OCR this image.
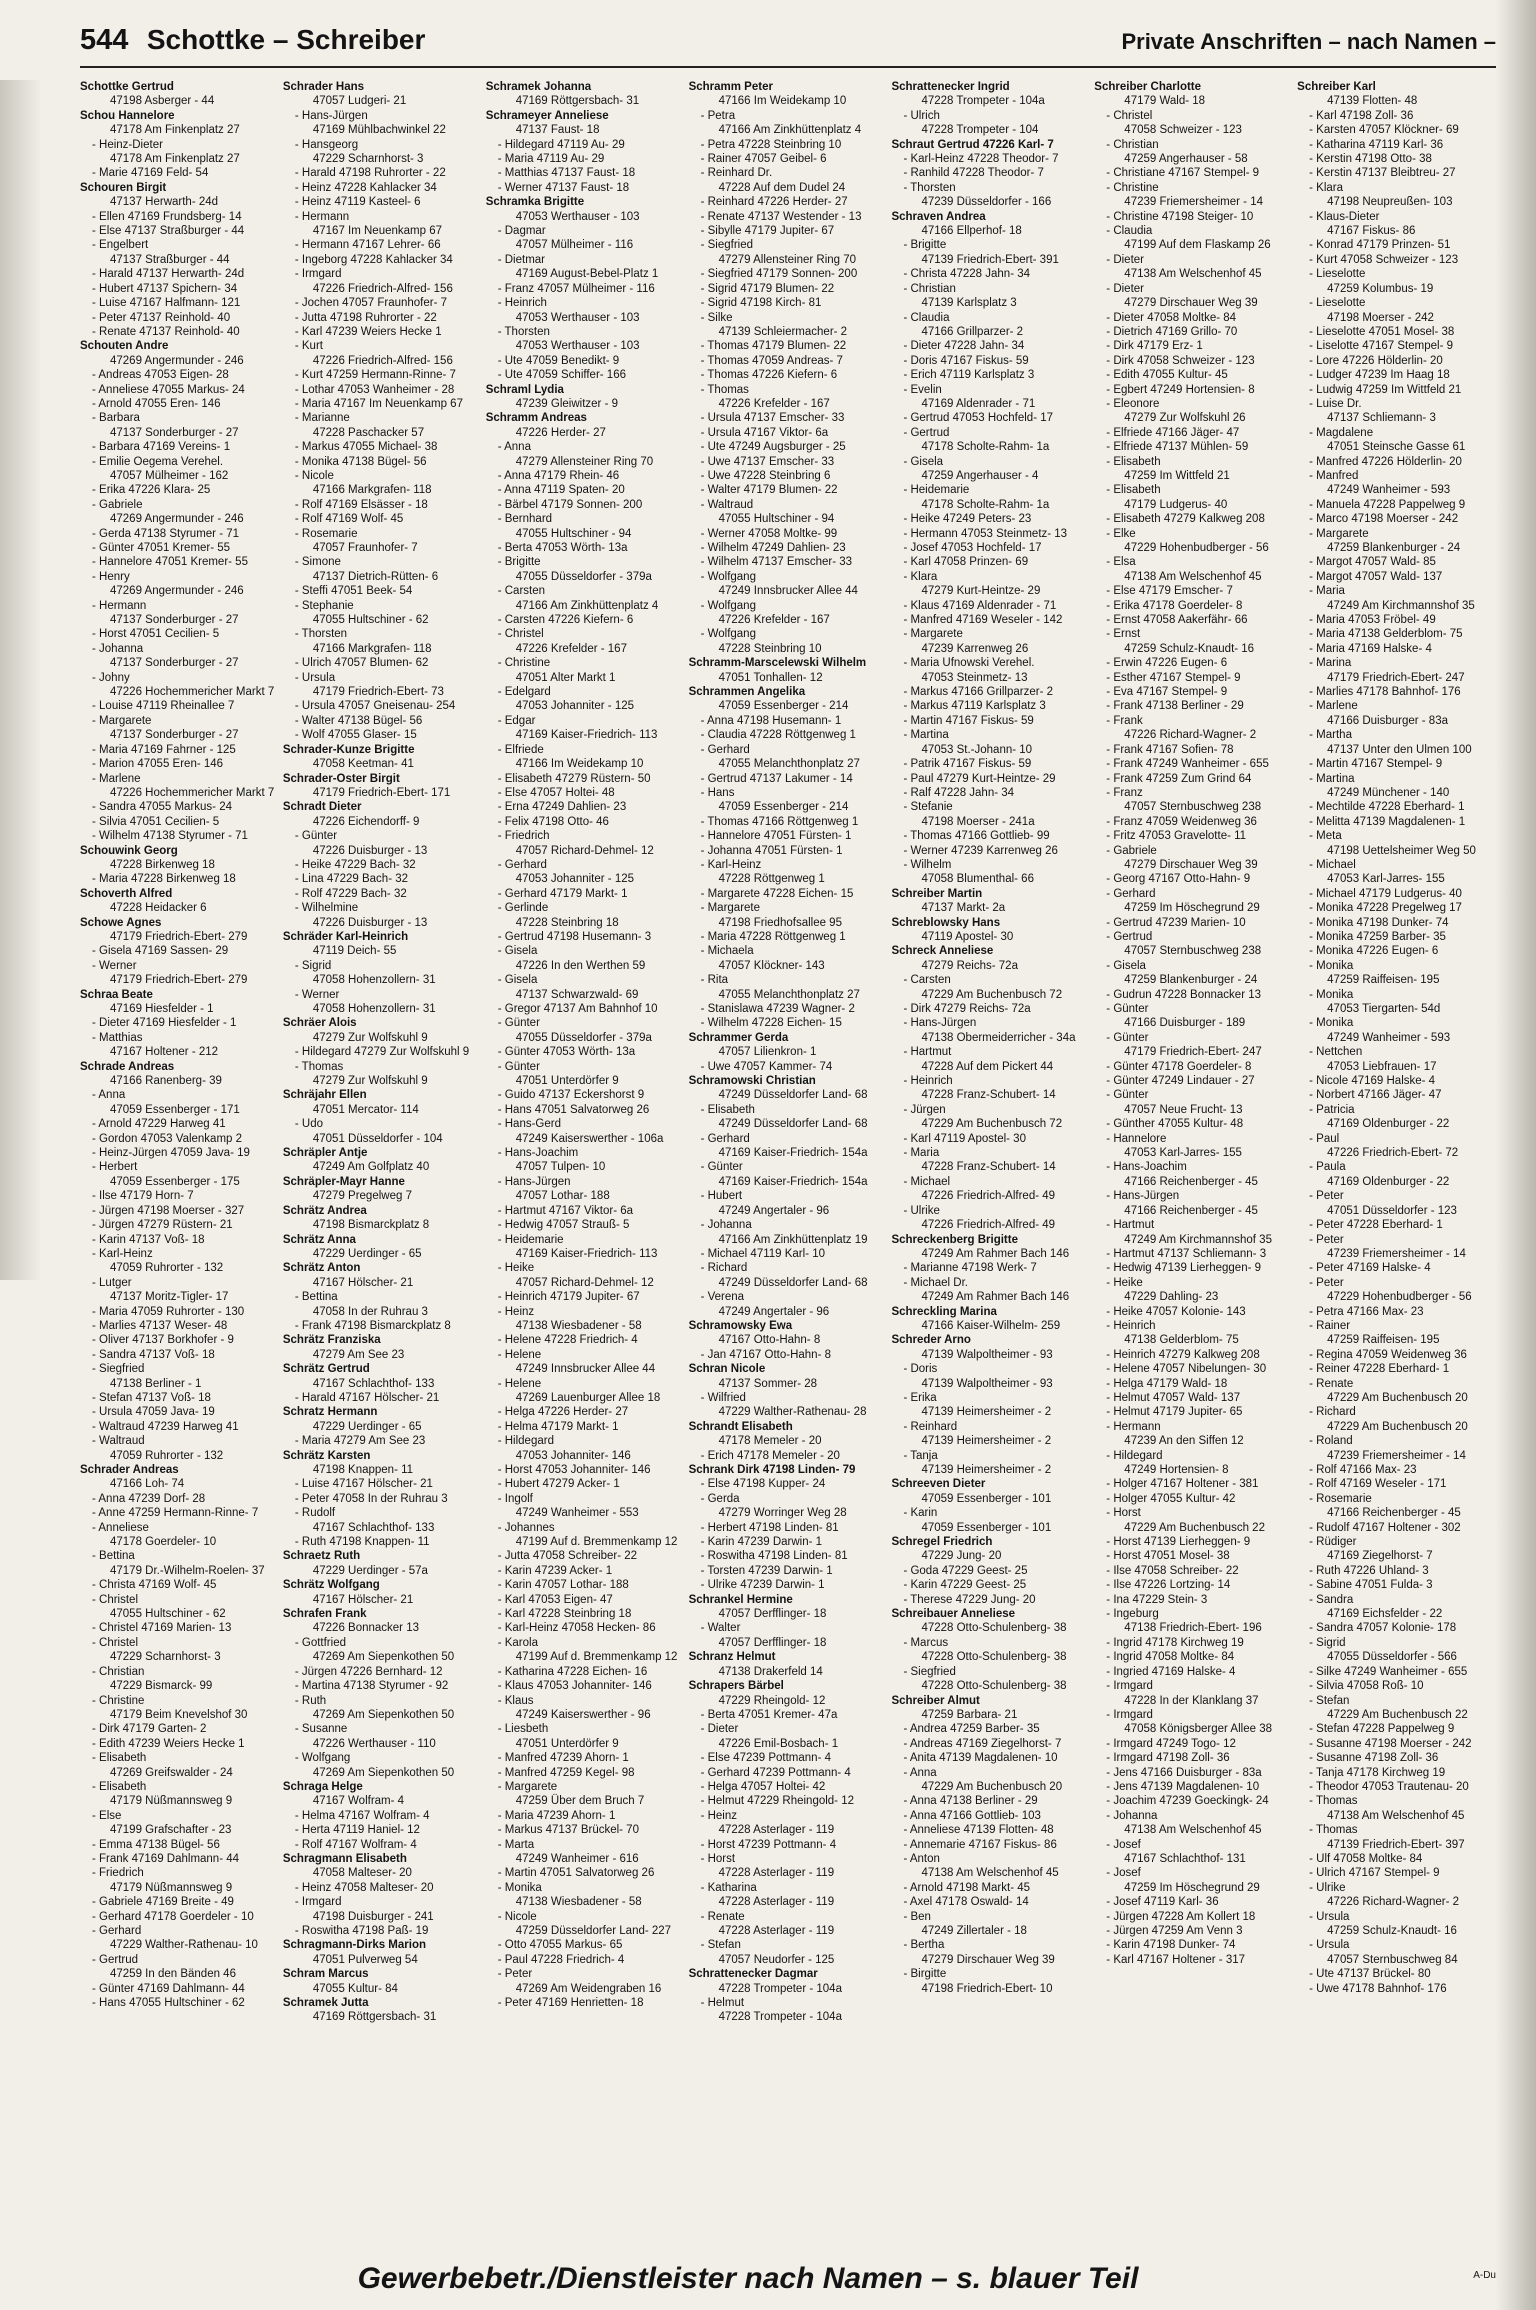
544 Schottke – Schreiber	Private Anschriften – nach Namen –
Schottke Gertrud
47198 Asberger - 44
Schou Hannelore
47178 Am Finkenplatz 27
- Heinz-Dieter
47178 Am Finkenplatz 27
- Marie 47169 Feld- 54
Schouren Birgit
47137 Herwarth- 24d
- Ellen 47169 Frundsberg- 14
- Else 47137 Straßburger - 44
- Engelbert
47137 Straßburger - 44
- Harald 47137 Herwarth- 24d
- Hubert 47137 Spichern- 34
- Luise 47167 Halfmann- 121
- Peter 47137 Reinhold- 40
- Renate 47137 Reinhold- 40
Schouten Andre
47269 Angermunder - 246
- Andreas 47053 Eigen- 28
- Anneliese 47055 Markus- 24
- Arnold 47055 Eren- 146
- Barbara
47137 Sonderburger - 27
- Barbara 47169 Vereins- 1
- Emilie Oegema Verehel.
47057 Mülheimer - 162
- Erika 47226 Klara- 25
- Gabriele
47269 Angermunder - 246
- Gerda 47138 Styrumer - 71
- Günter 47051 Kremer- 55
- Hannelore 47051 Kremer- 55
- Henry
47269 Angermunder - 246
- Hermann
47137 Sonderburger - 27
- Horst 47051 Cecilien- 5
- Johanna
47137 Sonderburger - 27
- Johny
47226 Hochemmericher Markt 7
- Louise 47119 Rheinallee 7
- Margarete
47137 Sonderburger - 27
- Maria 47169 Fahrner - 125
- Marion 47055 Eren- 146
- Marlene
47226 Hochemmericher Markt 7
- Sandra 47055 Markus- 24
- Silvia 47051 Cecilien- 5
- Wilhelm 47138 Styrumer - 71
Schouwink Georg
47228 Birkenweg 18
- Maria 47228 Birkenweg 18
Schoverth Alfred
47228 Heidacker 6
Schowe Agnes
47179 Friedrich-Ebert- 279
- Gisela 47169 Sassen- 29
- Werner
47179 Friedrich-Ebert- 279
Schraa Beate
47169 Hiesfelder - 1
- Dieter 47169 Hiesfelder - 1
- Matthias
47167 Holtener - 212
Schrade Andreas
47166 Ranenberg- 39
- Anna
47059 Essenberger - 171
- Arnold 47229 Harweg 41
- Gordon 47053 Valenkamp 2
- Heinz-Jürgen 47059 Java- 19
- Herbert
47059 Essenberger - 175
- Ilse 47179 Horn- 7
- Jürgen 47198 Moerser - 327
- Jürgen 47279 Rüstern- 21
- Karin 47137 Voß- 18
- Karl-Heinz
47059 Ruhrorter - 132
- Lutger
47137 Moritz-Tigler- 17
- Maria 47059 Ruhrorter - 130
- Marlies 47137 Weser- 48
- Oliver 47137 Borkhofer - 9
- Sandra 47137 Voß- 18
- Siegfried
47138 Berliner - 1
- Stefan 47137 Voß- 18
- Ursula 47059 Java- 19
- Waltraud 47239 Harweg 41
- Waltraud
47059 Ruhrorter - 132
Schrader Andreas
47166 Loh- 74
- Anna 47239 Dorf- 28
- Anne 47259 Hermann-Rinne- 7
- Anneliese
47178 Goerdeler- 10
- Bettina
47179 Dr.-Wilhelm-Roelen- 37
- Christa 47169 Wolf- 45
- Christel
47055 Hultschiner - 62
- Christel 47169 Marien- 13
- Christel
47229 Scharnhorst- 3
- Christian
47229 Bismarck- 99
- Christine
47179 Beim Knevelshof 30
- Dirk 47179 Garten- 2
- Edith 47239 Weiers Hecke 1
- Elisabeth
47269 Greifswalder - 24
- Elisabeth
47179 Nüßmannsweg 9
- Else
47199 Grafschafter - 23
- Emma 47138 Bügel- 56
- Frank 47169 Dahlmann- 44
- Friedrich
47179 Nüßmannsweg 9
- Gabriele 47169 Breite - 49
- Gerhard 47178 Goerdeler - 10
- Gerhard
47229 Walther-Rathenau- 10
- Gertrud
47259 In den Bänden 46
- Günter 47169 Dahlmann- 44
- Hans 47055 Hultschiner - 62
Schrader Hans
47057 Ludgeri- 21
- Hans-Jürgen
47169 Mühlbachwinkel 22
- Hansgeorg
47229 Scharnhorst- 3
- Harald 47198 Ruhrorter - 22
- Heinz 47228 Kahlacker 34
- Heinz 47119 Kasteel- 6
- Hermann
47167 Im Neuenkamp 67
- Hermann 47167 Lehrer- 66
- Ingeborg 47228 Kahlacker 34
- Irmgard
47226 Friedrich-Alfred- 156
- Jochen 47057 Fraunhofer- 7
- Jutta 47198 Ruhrorter - 22
- Karl 47239 Weiers Hecke 1
- Kurt
47226 Friedrich-Alfred- 156
- Kurt 47259 Hermann-Rinne- 7
- Lothar 47053 Wanheimer - 28
- Maria 47167 Im Neuenkamp 67
- Marianne
47228 Paschacker 57
- Markus 47055 Michael- 38
- Monika 47138 Bügel- 56
- Nicole
47166 Markgrafen- 118
- Rolf 47169 Elsässer - 18
- Rolf 47169 Wolf- 45
- Rosemarie
47057 Fraunhofer- 7
- Simone
47137 Dietrich-Rütten- 6
- Steffi 47051 Beek- 54
- Stephanie
47055 Hultschiner - 62
- Thorsten
47166 Markgrafen- 118
- Ulrich 47057 Blumen- 62
- Ursula
47179 Friedrich-Ebert- 73
- Ursula 47057 Gneisenau- 254
- Walter 47138 Bügel- 56
- Wolf 47055 Glaser- 15
Schrader-Kunze Brigitte
47058 Keetman- 41
Schrader-Oster Birgit
47179 Friedrich-Ebert- 171
Schradt Dieter
47226 Eichendorff- 9
- Günter
47226 Duisburger - 13
- Heike 47229 Bach- 32
- Lina 47229 Bach- 32
- Rolf 47229 Bach- 32
- Wilhelmine
47226 Duisburger - 13
Schräder Karl-Heinrich
47119 Deich- 55
- Sigrid
47058 Hohenzollern- 31
- Werner
47058 Hohenzollern- 31
Schräer Alois
47279 Zur Wolfskuhl 9
- Hildegard 47279 Zur Wolfskuhl 9
- Thomas
47279 Zur Wolfskuhl 9
Schräjahr Ellen
47051 Mercator- 114
- Udo
47051 Düsseldorfer - 104
Schräpler Antje
47249 Am Golfplatz 40
Schräpler-Mayr Hanne
47279 Pregelweg 7
Schrätz Andrea
47198 Bismarckplatz 8
Schrätz Anna
47229 Uerdinger - 65
Schrätz Anton
47167 Hölscher- 21
- Bettina
47058 In der Ruhrau 3
- Frank 47198 Bismarckplatz 8
Schrätz Franziska
47279 Am See 23
Schrätz Gertrud
47167 Schlachthof- 133
- Harald 47167 Hölscher- 21
Schratz Hermann
47229 Uerdinger - 65
- Maria 47279 Am See 23
Schrätz Karsten
47198 Knappen- 11
- Luise 47167 Hölscher- 21
- Peter 47058 In der Ruhrau 3
- Rudolf
47167 Schlachthof- 133
- Ruth 47198 Knappen- 11
Schraetz Ruth
47229 Uerdinger - 57a
Schrätz Wolfgang
47167 Hölscher- 21
Schrafen Frank
47226 Bonnacker 13
- Gottfried
47269 Am Siepenkothen 50
- Jürgen 47226 Bernhard- 12
- Martina 47138 Styrumer - 92
- Ruth
47269 Am Siepenkothen 50
- Susanne
47226 Werthauser - 110
- Wolfgang
47269 Am Siepenkothen 50
Schraga Helge
47167 Wolfram- 4
- Helma 47167 Wolfram- 4
- Herta 47119 Haniel- 12
- Rolf 47167 Wolfram- 4
Schragmann Elisabeth
47058 Malteser- 20
- Heinz 47058 Malteser- 20
- Irmgard
47198 Duisburger - 241
- Roswitha 47198 Paß- 19
Schragmann-Dirks Marion
47051 Pulverweg 54
Schram Marcus
47055 Kultur- 84
Schramek Jutta
47169 Röttgersbach- 31
Schramek Johanna
47169 Röttgersbach- 31
Schrameyer Anneliese
47137 Faust- 18
- Hildegard 47119 Au- 29
- Maria 47119 Au- 29
- Matthias 47137 Faust- 18
- Werner 47137 Faust- 18
Schramka Brigitte
47053 Werthauser - 103
- Dagmar
47057 Mülheimer - 116
- Dietmar
47169 August-Bebel-Platz 1
- Franz 47057 Mülheimer - 116
- Heinrich
47053 Werthauser - 103
- Thorsten
47053 Werthauser - 103
- Ute 47059 Benedikt- 9
- Ute 47059 Schiffer- 166
Schraml Lydia
47239 Gleiwitzer - 9
Schramm Andreas
47226 Herder- 27
- Anna
47279 Allensteiner Ring 70
- Anna 47179 Rhein- 46
- Anna 47119 Spaten- 20
- Bärbel 47179 Sonnen- 200
- Bernhard
47055 Hultschiner - 94
- Berta 47053 Wörth- 13a
- Brigitte
47055 Düsseldorfer - 379a
- Carsten
47166 Am Zinkhüttenplatz 4
- Carsten 47226 Kiefern- 6
- Christel
47226 Krefelder - 167
- Christine
47051 Alter Markt 1
- Edelgard
47053 Johanniter - 125
- Edgar
47169 Kaiser-Friedrich- 113
- Elfriede
47166 Im Weidekamp 10
- Elisabeth 47279 Rüstern- 50
- Else 47057 Holtei- 48
- Erna 47249 Dahlien- 23
- Felix 47198 Otto- 46
- Friedrich
47057 Richard-Dehmel- 12
- Gerhard
47053 Johanniter - 125
- Gerhard 47179 Markt- 1
- Gerlinde
47228 Steinbring 18
- Gertrud 47198 Husemann- 3
- Gisela
47226 In den Werthen 59
- Gisela
47137 Schwarzwald- 69
- Gregor 47137 Am Bahnhof 10
- Günter
47055 Düsseldorfer - 379a
- Günter 47053 Wörth- 13a
- Günter
47051 Unterdörfer 9
- Guido 47137 Eckershorst 9
- Hans 47051 Salvatorweg 26
- Hans-Gerd
47249 Kaiserswerther - 106a
- Hans-Joachim
47057 Tulpen- 10
- Hans-Jürgen
47057 Lothar- 188
- Hartmut 47167 Viktor- 6a
- Hedwig 47057 Strauß- 5
- Heidemarie
47169 Kaiser-Friedrich- 113
- Heike
47057 Richard-Dehmel- 12
- Heinrich 47179 Jupiter- 67
- Heinz
47138 Wiesbadener - 58
- Helene 47228 Friedrich- 4
- Helene
47249 Innsbrucker Allee 44
- Helene
47269 Lauenburger Allee 18
- Helga 47226 Herder- 27
- Helma 47179 Markt- 1
- Hildegard
47053 Johanniter- 146
- Horst 47053 Johanniter- 146
- Hubert 47279 Acker- 1
- Ingolf
47249 Wanheimer - 553
- Johannes
47199 Auf d. Bremmenkamp 12
- Jutta 47058 Schreiber- 22
- Karin 47239 Acker- 1
- Karin 47057 Lothar- 188
- Karl 47053 Eigen- 47
- Karl 47228 Steinbring 18
- Karl-Heinz 47058 Hecken- 86
- Karola
47199 Auf d. Bremmenkamp 12
- Katharina 47228 Eichen- 16
- Klaus 47053 Johanniter- 146
- Klaus
47249 Kaiserswerther - 96
- Liesbeth
47051 Unterdörfer 9
- Manfred 47239 Ahorn- 1
- Manfred 47259 Kegel- 98
- Margarete
47259 Über dem Bruch 7
- Maria 47239 Ahorn- 1
- Markus 47137 Brückel- 70
- Marta
47249 Wanheimer - 616
- Martin 47051 Salvatorweg 26
- Monika
47138 Wiesbadener - 58
- Nicole
47259 Düsseldorfer Land- 227
- Otto 47055 Markus- 65
- Paul 47228 Friedrich- 4
- Peter
47269 Am Weidengraben 16
- Peter 47169 Henrietten- 18
Schramm Peter
47166 Im Weidekamp 10
- Petra
47166 Am Zinkhüttenplatz 4
- Petra 47228 Steinbring 10
- Rainer 47057 Geibel- 6
- Reinhard Dr.
47228 Auf dem Dudel 24
- Reinhard 47226 Herder- 27
- Renate 47137 Westender - 13
- Sibylle 47179 Jupiter- 67
- Siegfried
47279 Allensteiner Ring 70
- Siegfried 47179 Sonnen- 200
- Sigrid 47179 Blumen- 22
- Sigrid 47198 Kirch- 81
- Silke
47139 Schleiermacher- 2
- Thomas 47179 Blumen- 22
- Thomas 47059 Andreas- 7
- Thomas 47226 Kiefern- 6
- Thomas
47226 Krefelder - 167
- Ursula 47137 Emscher- 33
- Ursula 47167 Viktor- 6a
- Ute 47249 Augsburger - 25
- Uwe 47137 Emscher- 33
- Uwe 47228 Steinbring 6
- Walter 47179 Blumen- 22
- Waltraud
47055 Hultschiner - 94
- Werner 47058 Moltke- 99
- Wilhelm 47249 Dahlien- 23
- Wilhelm 47137 Emscher- 33
- Wolfgang
47249 Innsbrucker Allee 44
- Wolfgang
47226 Krefelder - 167
- Wolfgang
47228 Steinbring 10
Schramm-Marscelewski Wilhelm
47051 Tonhallen- 12
Schrammen Angelika
47059 Essenberger - 214
- Anna 47198 Husemann- 1
- Claudia 47228 Röttgenweg 1
- Gerhard
47055 Melanchthonplatz 27
- Gertrud 47137 Lakumer - 14
- Hans
47059 Essenberger - 214
- Thomas 47166 Röttgenweg 1
- Hannelore 47051 Fürsten- 1
- Johanna 47051 Fürsten- 1
- Karl-Heinz
47228 Röttgenweg 1
- Margarete 47228 Eichen- 15
- Margarete
47198 Friedhofsallee 95
- Maria 47228 Röttgenweg 1
- Michaela
47057 Klöckner- 143
- Rita
47055 Melanchthonplatz 27
- Stanislawa 47239 Wagner- 2
- Wilhelm 47228 Eichen- 15
Schrammer Gerda
47057 Lilienkron- 1
- Uwe 47057 Kammer- 74
Schramowski Christian
47249 Düsseldorfer Land- 68
- Elisabeth
47249 Düsseldorfer Land- 68
- Gerhard
47169 Kaiser-Friedrich- 154a
- Günter
47169 Kaiser-Friedrich- 154a
- Hubert
47249 Angertaler - 96
- Johanna
47166 Am Zinkhüttenplatz 19
- Michael 47119 Karl- 10
- Richard
47249 Düsseldorfer Land- 68
- Verena
47249 Angertaler - 96
Schramowsky Ewa
47167 Otto-Hahn- 8
- Jan 47167 Otto-Hahn- 8
Schran Nicole
47137 Sommer- 28
- Wilfried
47229 Walther-Rathenau- 28
Schrandt Elisabeth
47178 Memeler - 20
- Erich 47178 Memeler - 20
Schrank Dirk 47198 Linden- 79
- Else 47198 Kupper- 24
- Gerda
47279 Worringer Weg 28
- Herbert 47198 Linden- 81
- Karin 47239 Darwin- 1
- Roswitha 47198 Linden- 81
- Torsten 47239 Darwin- 1
- Ulrike 47239 Darwin- 1
Schrankel Hermine
47057 Derfflinger- 18
- Walter
47057 Derfflinger- 18
Schranz Helmut
47138 Drakerfeld 14
Schrapers Bärbel
47229 Rheingold- 12
- Berta 47051 Kremer- 47a
- Dieter
47226 Emil-Bosbach- 1
- Else 47239 Pottmann- 4
- Gerhard 47239 Pottmann- 4
- Helga 47057 Holtei- 42
- Helmut 47229 Rheingold- 12
- Heinz
47228 Asterlager - 119
- Horst 47239 Pottmann- 4
- Horst
47228 Asterlager - 119
- Katharina
47228 Asterlager - 119
- Renate
47228 Asterlager - 119
- Stefan
47057 Neudorfer - 125
Schrattenecker Dagmar
47228 Trompeter - 104a
- Helmut
47228 Trompeter - 104a
Schrattenecker Ingrid
47228 Trompeter - 104a
- Ulrich
47228 Trompeter - 104
Schraut Gertrud 47226 Karl- 7
- Karl-Heinz 47228 Theodor- 7
- Ranhild 47228 Theodor- 7
- Thorsten
47239 Düsseldorfer - 166
Schraven Andrea
47166 Ellperhof- 18
- Brigitte
47139 Friedrich-Ebert- 391
- Christa 47228 Jahn- 34
- Christian
47139 Karlsplatz 3
- Claudia
47166 Grillparzer- 2
- Dieter 47228 Jahn- 34
- Doris 47167 Fiskus- 59
- Erich 47119 Karlsplatz 3
- Evelin
47169 Aldenrader - 71
- Gertrud 47053 Hochfeld- 17
- Gertrud
47178 Scholte-Rahm- 1a
- Gisela
47259 Angerhauser - 4
- Heidemarie
47178 Scholte-Rahm- 1a
- Heike 47249 Peters- 23
- Hermann 47053 Steinmetz- 13
- Josef 47053 Hochfeld- 17
- Karl 47058 Prinzen- 69
- Klara
47279 Kurt-Heintze- 29
- Klaus 47169 Aldenrader - 71
- Manfred 47169 Weseler - 142
- Margarete
47239 Karrenweg 26
- Maria Ufnowski Verehel.
47053 Steinmetz- 13
- Markus 47166 Grillparzer- 2
- Markus 47119 Karlsplatz 3
- Martin 47167 Fiskus- 59
- Martina
47053 St.-Johann- 10
- Patrik 47167 Fiskus- 59
- Paul 47279 Kurt-Heintze- 29
- Ralf 47228 Jahn- 34
- Stefanie
47198 Moerser - 241a
- Thomas 47166 Gottlieb- 99
- Werner 47239 Karrenweg 26
- Wilhelm
47058 Blumenthal- 66
Schreiber Martin
47137 Markt- 2a
Schreblowsky Hans
47119 Apostel- 30
Schreck Anneliese
47279 Reichs- 72a
- Carsten
47229 Am Buchenbusch 72
- Dirk 47279 Reichs- 72a
- Hans-Jürgen
47138 Obermeiderricher - 34a
- Hartmut
47228 Auf dem Pickert 44
- Heinrich
47228 Franz-Schubert- 14
- Jürgen
47229 Am Buchenbusch 72
- Karl 47119 Apostel- 30
- Maria
47228 Franz-Schubert- 14
- Michael
47226 Friedrich-Alfred- 49
- Ulrike
47226 Friedrich-Alfred- 49
Schreckenberg Brigitte
47249 Am Rahmer Bach 146
- Marianne 47198 Werk- 7
- Michael Dr.
47249 Am Rahmer Bach 146
Schreckling Marina
47166 Kaiser-Wilhelm- 259
Schreder Arno
47139 Walpoltheimer - 93
- Doris
47139 Walpoltheimer - 93
- Erika
47139 Heimersheimer - 2
- Reinhard
47139 Heimersheimer - 2
- Tanja
47139 Heimersheimer - 2
Schreeven Dieter
47059 Essenberger - 101
- Karin
47059 Essenberger - 101
Schregel Friedrich
47229 Jung- 20
- Goda 47229 Geest- 25
- Karin 47229 Geest- 25
- Therese 47229 Jung- 20
Schreibauer Anneliese
47228 Otto-Schulenberg- 38
- Marcus
47228 Otto-Schulenberg- 38
- Siegfried
47228 Otto-Schulenberg- 38
Schreiber Almut
47259 Barbara- 21
- Andrea 47259 Barber- 35
- Andreas 47169 Ziegelhorst- 7
- Anita 47139 Magdalenen- 10
- Anna
47229 Am Buchenbusch 20
- Anna 47138 Berliner - 29
- Anna 47166 Gottlieb- 103
- Anneliese 47139 Flotten- 48
- Annemarie 47167 Fiskus- 86
- Anton
47138 Am Welschenhof 45
- Arnold 47198 Markt- 45
- Axel 47178 Oswald- 14
- Ben
47249 Zillertaler - 18
- Bertha
47279 Dirschauer Weg 39
- Birgitte
47198 Friedrich-Ebert- 10
Schreiber Charlotte
47179 Wald- 18
- Christel
47058 Schweizer - 123
- Christian
47259 Angerhauser - 58
- Christiane 47167 Stempel- 9
- Christine
47239 Friemersheimer - 14
- Christine 47198 Steiger- 10
- Claudia
47199 Auf dem Flaskamp 26
- Dieter
47138 Am Welschenhof 45
- Dieter
47279 Dirschauer Weg 39
- Dieter 47058 Moltke- 84
- Dietrich 47169 Grillo- 70
- Dirk 47179 Erz- 1
- Dirk 47058 Schweizer - 123
- Edith 47055 Kultur- 45
- Egbert 47249 Hortensien- 8
- Eleonore
47279 Zur Wolfskuhl 26
- Elfriede 47166 Jäger- 47
- Elfriede 47137 Mühlen- 59
- Elisabeth
47259 Im Wittfeld 21
- Elisabeth
47179 Ludgerus- 40
- Elisabeth 47279 Kalkweg 208
- Elke
47229 Hohenbudberger - 56
- Elsa
47138 Am Welschenhof 45
- Else 47179 Emscher- 7
- Erika 47178 Goerdeler- 8
- Ernst 47058 Aakerfähr- 66
- Ernst
47259 Schulz-Knaudt- 16
- Erwin 47226 Eugen- 6
- Esther 47167 Stempel- 9
- Eva 47167 Stempel- 9
- Frank 47138 Berliner - 29
- Frank
47226 Richard-Wagner- 2
- Frank 47167 Sofien- 78
- Frank 47249 Wanheimer - 655
- Frank 47259 Zum Grind 64
- Franz
47057 Sternbuschweg 238
- Franz 47059 Weidenweg 36
- Fritz 47053 Gravelotte- 11
- Gabriele
47279 Dirschauer Weg 39
- Georg 47167 Otto-Hahn- 9
- Gerhard
47259 Im Höschegrund 29
- Gertrud 47239 Marien- 10
- Gertrud
47057 Sternbuschweg 238
- Gisela
47259 Blankenburger - 24
- Gudrun 47228 Bonnacker 13
- Günter
47166 Duisburger - 189
- Günter
47179 Friedrich-Ebert- 247
- Günter 47178 Goerdeler- 8
- Günter 47249 Lindauer - 27
- Günter
47057 Neue Frucht- 13
- Günther 47055 Kultur- 48
- Hannelore
47053 Karl-Jarres- 155
- Hans-Joachim
47166 Reichenberger - 45
- Hans-Jürgen
47166 Reichenberger - 45
- Hartmut
47249 Am Kirchmannshof 35
- Hartmut 47137 Schliemann- 3
- Hedwig 47139 Lierheggen- 9
- Heike
47229 Dahling- 23
- Heike 47057 Kolonie- 143
- Heinrich
47138 Gelderblom- 75
- Heinrich 47279 Kalkweg 208
- Helene 47057 Nibelungen- 30
- Helga 47179 Wald- 18
- Helmut 47057 Wald- 137
- Helmut 47179 Jupiter- 65
- Hermann
47239 An den Siffen 12
- Hildegard
47249 Hortensien- 8
- Holger 47167 Holtener - 381
- Holger 47055 Kultur- 42
- Horst
47229 Am Buchenbusch 22
- Horst 47139 Lierheggen- 9
- Horst 47051 Mosel- 38
- Ilse 47058 Schreiber- 22
- Ilse 47226 Lortzing- 14
- Ina 47229 Stein- 3
- Ingeburg
47138 Friedrich-Ebert- 196
- Ingrid 47178 Kirchweg 19
- Ingrid 47058 Moltke- 84
- Ingried 47169 Halske- 4
- Irmgard
47228 In der Klanklang 37
- Irmgard
47058 Königsberger Allee 38
- Irmgard 47249 Togo- 12
- Irmgard 47198 Zoll- 36
- Jens 47166 Duisburger - 83a
- Jens 47139 Magdalenen- 10
- Joachim 47239 Goeckingk- 24
- Johanna
47138 Am Welschenhof 45
- Josef
47167 Schlachthof- 131
- Josef
47259 Im Höschegrund 29
- Josef 47119 Karl- 36
- Jürgen 47228 Am Kollert 18
- Jürgen 47259 Am Venn 3
- Karin 47198 Dunker- 74
- Karl 47167 Holtener - 317
Schreiber Karl
47139 Flotten- 48
- Karl 47198 Zoll- 36
- Karsten 47057 Klöckner- 69
- Katharina 47119 Karl- 36
- Kerstin 47198 Otto- 38
- Kerstin 47137 Bleibtreu- 27
- Klara
47198 Neupreußen- 103
- Klaus-Dieter
47167 Fiskus- 86
- Konrad 47179 Prinzen- 51
- Kurt 47058 Schweizer - 123
- Lieselotte
47259 Kolumbus- 19
- Lieselotte
47198 Moerser - 242
- Lieselotte 47051 Mosel- 38
- Liselotte 47167 Stempel- 9
- Lore 47226 Hölderlin- 20
- Ludger 47239 Im Haag 18
- Ludwig 47259 Im Wittfeld 21
- Luise Dr.
47137 Schliemann- 3
- Magdalene
47051 Steinsche Gasse 61
- Manfred 47226 Hölderlin- 20
- Manfred
47249 Wanheimer - 593
- Manuela 47228 Pappelweg 9
- Marco 47198 Moerser - 242
- Margarete
47259 Blankenburger - 24
- Margot 47057 Wald- 85
- Margot 47057 Wald- 137
- Maria
47249 Am Kirchmannshof 35
- Maria 47053 Fröbel- 49
- Maria 47138 Gelderblom- 75
- Maria 47169 Halske- 4
- Marina
47179 Friedrich-Ebert- 247
- Marlies 47178 Bahnhof- 176
- Marlene
47166 Duisburger - 83a
- Martha
47137 Unter den Ulmen 100
- Martin 47167 Stempel- 9
- Martina
47249 Münchener - 140
- Mechtilde 47228 Eberhard- 1
- Melitta 47139 Magdalenen- 1
- Meta
47198 Uettelsheimer Weg 50
- Michael
47053 Karl-Jarres- 155
- Michael 47179 Ludgerus- 40
- Monika 47228 Pregelweg 17
- Monika 47198 Dunker- 74
- Monika 47259 Barber- 35
- Monika 47226 Eugen- 6
- Monika
47259 Raiffeisen- 195
- Monika
47053 Tiergarten- 54d
- Monika
47249 Wanheimer - 593
- Nettchen
47053 Liebfrauen- 17
- Nicole 47169 Halske- 4
- Norbert 47166 Jäger- 47
- Patricia
47169 Oldenburger - 22
- Paul
47226 Friedrich-Ebert- 72
- Paula
47169 Oldenburger - 22
- Peter
47051 Düsseldorfer - 123
- Peter 47228 Eberhard- 1
- Peter
47239 Friemersheimer - 14
- Peter 47169 Halske- 4
- Peter
47229 Hohenbudberger - 56
- Petra 47166 Max- 23
- Rainer
47259 Raiffeisen- 195
- Regina 47059 Weidenweg 36
- Reiner 47228 Eberhard- 1
- Renate
47229 Am Buchenbusch 20
- Richard
47229 Am Buchenbusch 20
- Roland
47239 Friemersheimer - 14
- Rolf 47166 Max- 23
- Rolf 47169 Weseler - 171
- Rosemarie
47166 Reichenberger - 45
- Rudolf 47167 Holtener - 302
- Rüdiger
47169 Ziegelhorst- 7
- Ruth 47226 Uhland- 3
- Sabine 47051 Fulda- 3
- Sandra
47169 Eichsfelder - 22
- Sandra 47057 Kolonie- 178
- Sigrid
47055 Düsseldorfer - 566
- Silke 47249 Wanheimer - 655
- Silvia 47058 Roß- 10
- Stefan
47229 Am Buchenbusch 22
- Stefan 47228 Pappelweg 9
- Susanne 47198 Moerser - 242
- Susanne 47198 Zoll- 36
- Tanja 47178 Kirchweg 19
- Theodor 47053 Trautenau- 20
- Thomas
47138 Am Welschenhof 45
- Thomas
47139 Friedrich-Ebert- 397
- Ulf 47058 Moltke- 84
- Ulrich 47167 Stempel- 9
- Ulrike
47226 Richard-Wagner- 2
- Ursula
47259 Schulz-Knaudt- 16
- Ursula
47057 Sternbuschweg 84
- Ute 47137 Brückel- 80
- Uwe 47178 Bahnhof- 176
Gewerbebetr./Dienstleister nach Namen – s. blauer Teil	A-Du
